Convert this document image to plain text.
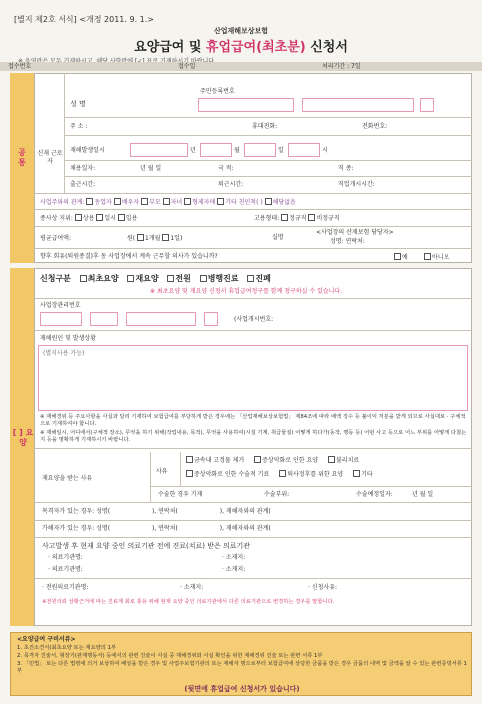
[별지 제2호 서식] <개정 2011. 9. 1.>
산업재해보상보험
요양급여 및 휴업급여(최초분) 신청서
접수번호	접수일	처리기간 : 7일
공 통
신재 근로자
성 명
주민등록번호
주 소 :	휴대전화:	전화번호:
재해발생일시	년	월	일	시
채용일자:	년 월 일	국 적:	직 종:
출근시간:	퇴근시간:	직업개시시간:
사업주와의 관계: 동업자 배우자 부모 자녀 형제자매 기타 친인척( ) 해당없음
종사상 지위: 상용 일시 일용	고용형태: 정규직 비정규직
평균급여액:	원( 1개월 1일)	실명
<사업장의 산재보험 담당자>
성명: 연락처:
향후 회유(퇴원종결)후 동 사업장에서 계속 근무할 의사가 있습니까?	예	아니오
[ ] 요양
신청구분 최초요양 재요양 전원 병행진료 진폐
※ 최초요양 및 재요양 신청서 휴업급여청구를 함께 청구하실 수 있습니다.
사업장관리번호
(사업개시번호:
재해원인 및 발생상황
(별지사용 가능)
※ 재해경위 등 주요사항을 사실과 달리 기재하여 보험급여를 부당하게 받은 경우에는 「산업재해보상보험법」 제84조에 따라 배액 징수 등 불이익 처분을 받게 되므로 사실대로 · 구체적으로 기재하여야 합니다.
※ 재해일시, 어디에서(구체적 장소), 무엇을 하기 위해(작업내용, 목적), 무엇을 사용하여(시설 기계, 취급물질) 어떻게 하다가(동작, 행동 등) 어떤 사고 등으로 어느 부위를 어떻게 다쳤는지 등을 명확하게 기재하시기 바랍니다.
재요양을 받는 사유
사유
금속내 고정물 제거	증상악화로 인한 요양	불리치료
중상악화로 인한 수술적 기료	퇴사정후를 위한 요양	기타
수술한 경우 기재	수술부위:	수술예정일자:	년 월 일
목격자가 있는 경우: 성명(	), 연락처(	), 재해자와의 관계(
가해자가 있는 경우: 성명(	), 연락처(	), 재해자와의 관계(
사고발생 후 현재 요양 중인 의료기관 전에 진료(치료) 받은 의료기관
· 의료기관명:	· 소재지:
· 의료기관명:	· 소재지:
· 전원의료기관명:	· 소재지:	· 신청사유:
※전원의뢰 상황근거에 따는 진료계 회로 통용 위해 현재 요양 중인 의료기관에서 다른 의료기관으로 변경하는 경우를 말합니다.
<요양급여 구비서류>
1. 초진소견서(최초요양 또는 재요양의 1부
2. 목격자 진술서, 형장기(관계행동서) 등에서의 관련 진술이 사실 중 재해경위와 사실 확인을 위한 재해경위 진술 또는 관련 서류 1부
3. 「민법」 또는 다른 법령에 의거 보상하여 배상을 받은 경우 및 사업주보험기관의 또는 재해자 명으로부터 보험급여에 상당한 금품을 받은 경우 금품의 내역 및 금액을 알 수 있는 관련증빙서류 1부
(뒷면에 휴업급여 신청서가 있습니다)
